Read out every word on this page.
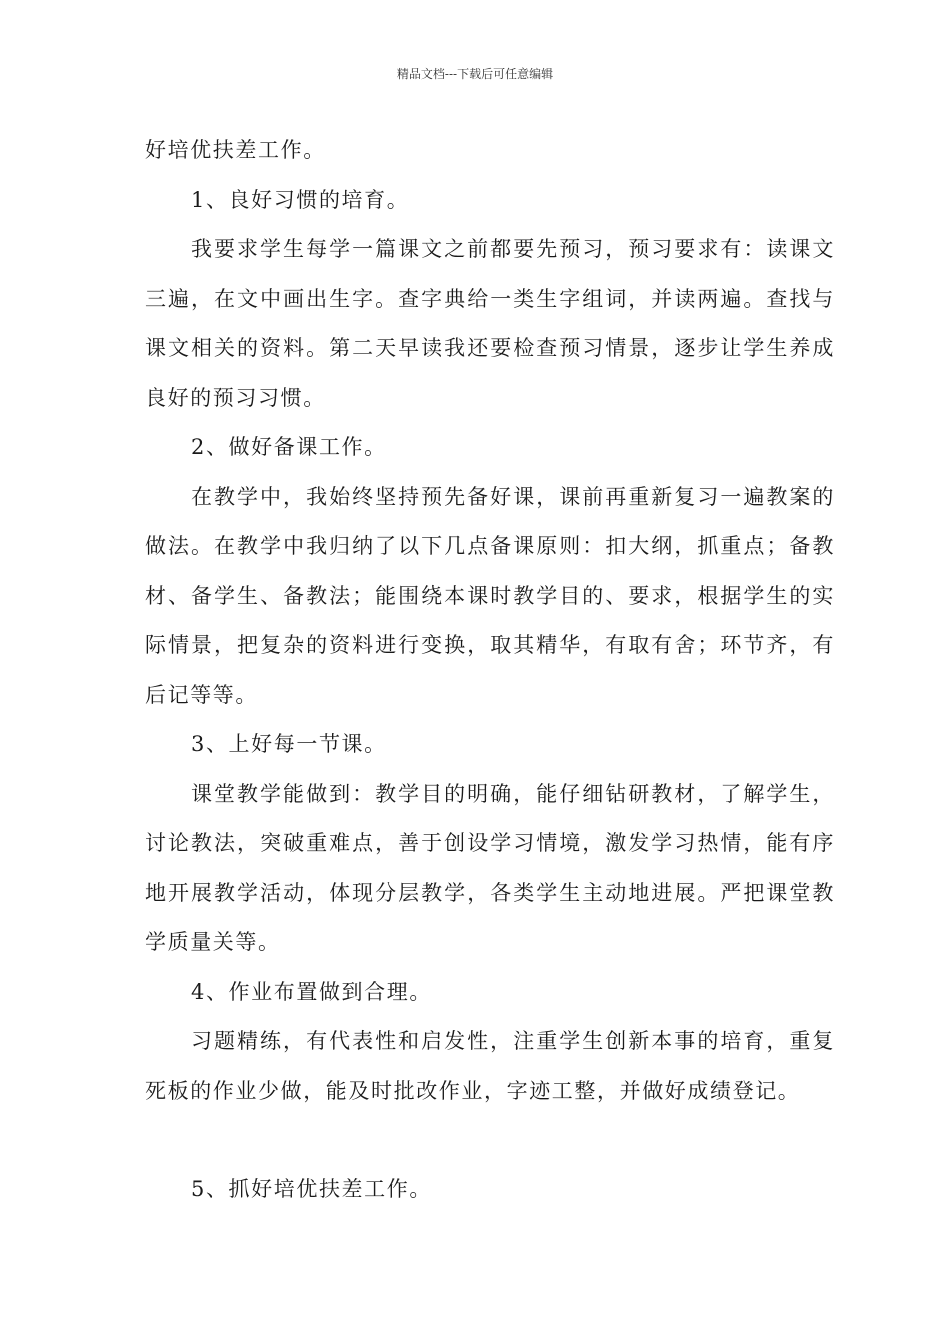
精品文档---下载后可任意编辑

好培优扶差工作。

1、良好习惯的培育。

我要求学生每学一篇课文之前都要先预习，预习要求有：读课文三遍，在文中画出生字。查字典给一类生字组词，并读两遍。查找与课文相关的资料。第二天早读我还要检查预习情景，逐步让学生养成良好的预习习惯。

2、做好备课工作。

在教学中，我始终坚持预先备好课，课前再重新复习一遍教案的做法。在教学中我归纳了以下几点备课原则：扣大纲，抓重点；备教材、备学生、备教法；能围绕本课时教学目的、要求，根据学生的实际情景，把复杂的资料进行变换，取其精华，有取有舍；环节齐，有后记等等。

3、上好每一节课。

课堂教学能做到：教学目的明确，能仔细钻研教材，了解学生，讨论教法，突破重难点，善于创设学习情境，激发学习热情，能有序地开展教学活动，体现分层教学，各类学生主动地进展。严把课堂教学质量关等。

4、作业布置做到合理。

习题精练，有代表性和启发性，注重学生创新本事的培育，重复死板的作业少做，能及时批改作业，字迹工整，并做好成绩登记。

5、抓好培优扶差工作。
